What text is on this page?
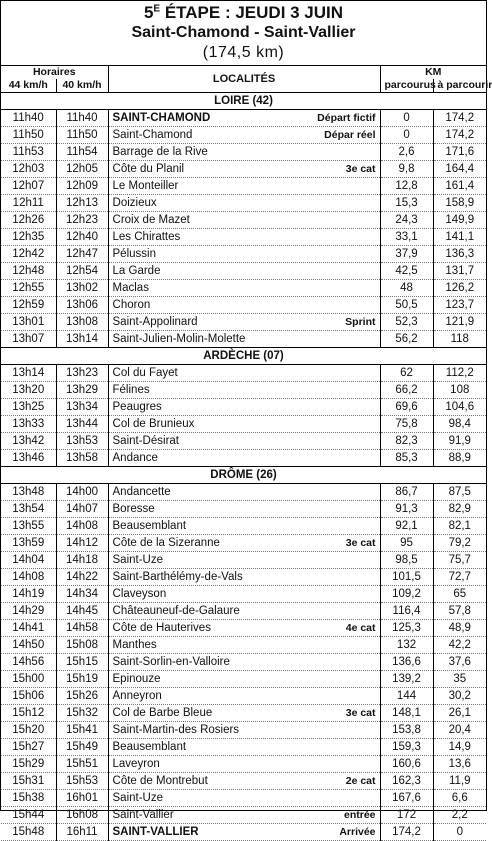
$5^E$ ÉTAPE : JEUDI 3 JUIN
Saint-Chamond - Saint-Vallier
(174,5 km)
Horaires		LOCALITÉS	KM	
44 km/h	40 km/h		parcourus	à parcourir
LOIRE (42)				
11h40	11h40	SAINT-CHAMOND Départ fictif	0	174,2
11h50	11h50	Saint-Chamond Dépar réel	0	174,2
11h53	11h54	Barrage de la Rive	2,6	171,6
12h03	12h05	Côte du Planil 3e cat	9,8	164,4
12h07	12h09	Le Monteiller	12,8	161,4
12h11	12h13	Doizieux	15,3	158,9
12h26	12h23	Croix de Mazet	24,3	149,9
12h35	12h40	Les Chirattes	33,1	141,1
12h42	12h47	Pélussin	37,9	136,3
12h48	12h54	La Garde	42,5	131,7
12h55	13h02	Maclas	48	126,2
12h59	13h06	Choron	50,5	123,7
13h01	13h08	Saint-Appolinard Sprint	52,3	121,9
13h07	13h14	Saint-Julien-Molin-Molette	56,2	118
ARDÈCHE (07)				
13h14	13h23	Col du Fayet	62	112,2
13h20	13h29	Félines	66,2	108
13h25	13h34	Peaugres	69,6	104,6
13h33	13h44	Col de Brunieux	75,8	98,4
13h42	13h53	Saint-Désirat	82,3	91,9
13h46	13h58	Andance	85,3	88,9
DRÔME (26)				
13h48	14h00	Andancette	86,7	87,5
13h54	14h07	Boresse	91,3	82,9
13h55	14h08	Beausemblant	92,1	82,1
13h59	14h12	Côte de la Sizeranne 3e cat	95	79,2
14h04	14h18	Saint-Uze	98,5	75,7
14h08	14h22	Saint-Barthélémy-de-Vals	101,5	72,7
14h19	14h34	Claveyson	109,2	65
14h29	14h45	Châteauneuf-de-Galaure	116,4	57,8
14h41	14h58	Côte de Hauterives 4e cat	125,3	48,9
14h50	15h08	Manthes	132	42,2
14h56	15h15	Saint-Sorlin-en-Valloire	136,6	37,6
15h00	15h19	Epinouze	139,2	35
15h06	15h26	Anneyron	144	30,2
15h12	15h32	Col de Barbe Bleue 3e cat	148,1	26,1
15h20	15h41	Saint-Martin-des Rosiers	153,8	20,4
15h27	15h49	Beausemblant	159,3	14,9
15h29	15h51	Laveyron	160,6	13,6
15h31	15h53	Côte de Montrebut 2e cat	162,3	11,9
15h38	16h01	Saint-Uze	167,6	6,6
15h44	16h08	Saint-Vallier entrée	172	2,2
15h48	16h11	SAINT-VALLIER Arrivée	174,2	0
